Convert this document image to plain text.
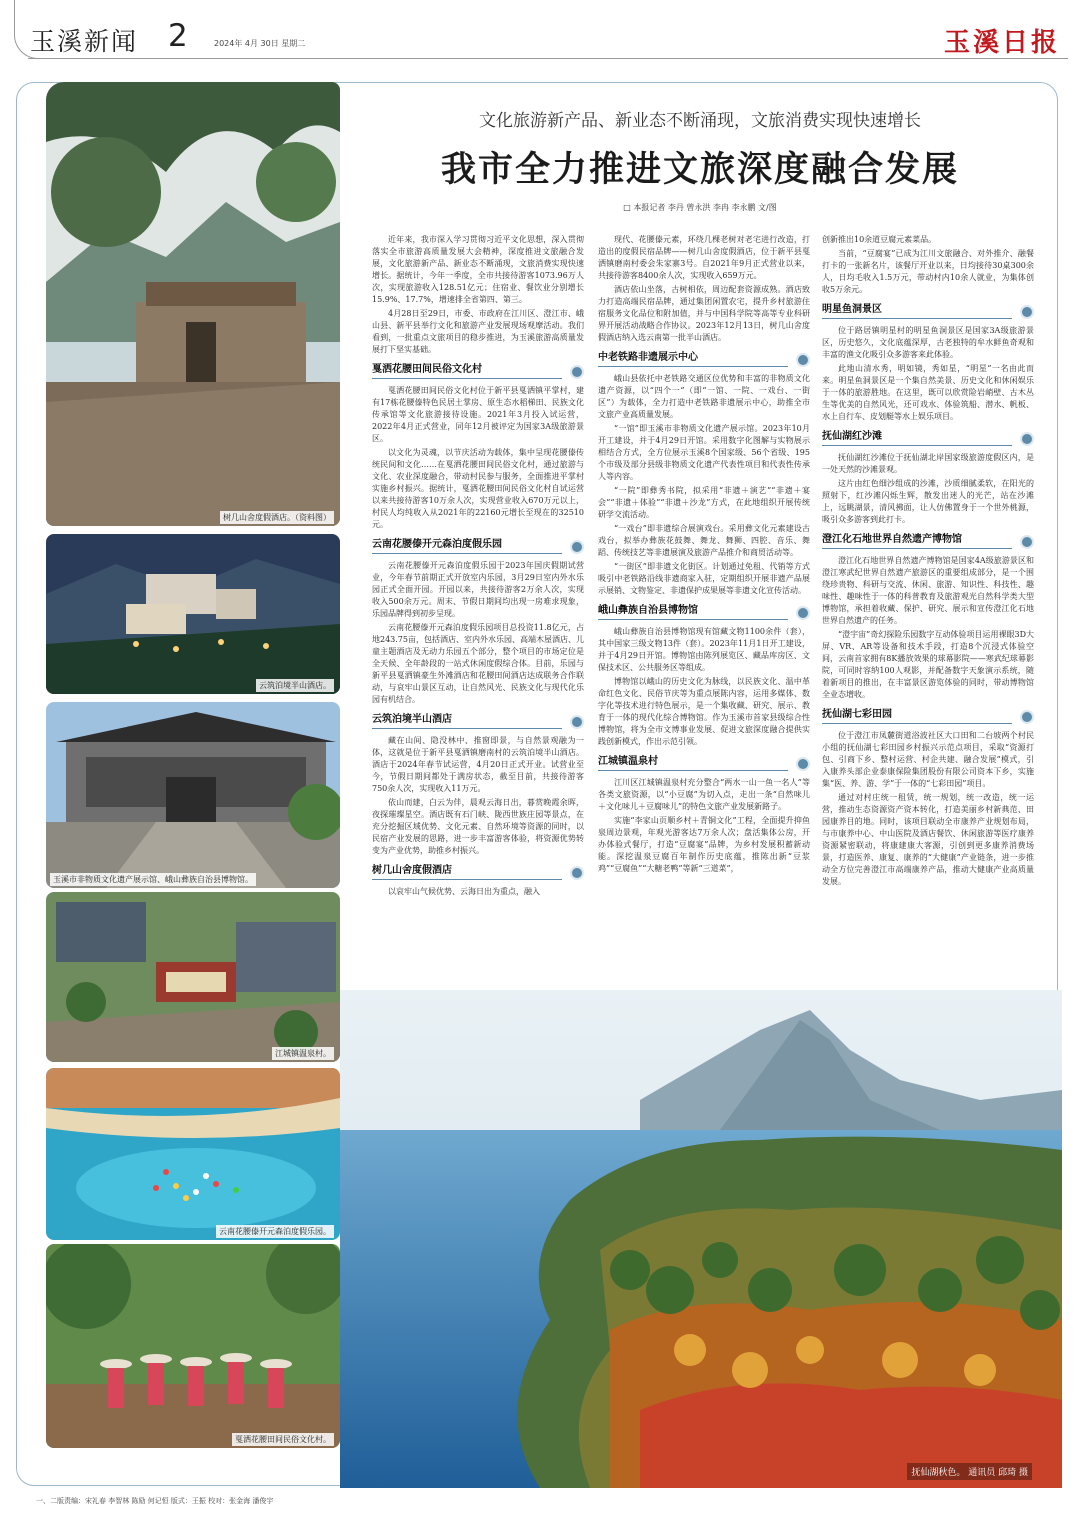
玉溪新闻 2	2024年 4月 30日 星期二	玉溪日报
树几山舍度假酒店。（资料图）
云筑泊境半山酒店。
玉溪市非物质文化遗产展示馆、峨山彝族自治县博物馆。
江城镇温泉村。
云南花腰傣开元森泊度假乐园。
戛洒花腰田间民俗文化村。
文化旅游新产品、新业态不断涌现，文旅消费实现快速增长
我市全力推进文旅深度融合发展
□ 本报记者 李丹 曾永洪 李冉 李永鹏 文/图

近年来，我市深入学习贯彻习近平文化思想，深入贯彻落实全市旅游高质量发展大会精神，深度推进文旅融合发展，文化旅游新产品、新业态不断涌现，文旅消费实现快速增长。据统计，今年一季度，全市共接待游客1073.96万人次，实现旅游收入128.51亿元；住宿业、餐饮业分别增长15.9%、17.7%，增速排全省第四、第三。

4月28日至29日，市委、市政府在江川区、澄江市、峨山县、新平县举行文化和旅游产业发展现场观摩活动。我们看到，一批重点文旅项目的稳步推进，为玉溪旅游高质量发展打下坚实基础。

戛洒花腰田间民俗文化村

戛洒花腰田间民俗文化村位于新平县戛洒镇平掌村，建有17栋花腰傣特色民居土掌房、原生态水稻梯田、民族文化传承馆等文化旅游接待设施。2021年3月投入试运营，2022年4月正式营业，同年12月被评定为国家3A级旅游景区。

以文化为灵魂，以节庆活动为载体，集中呈现花腰傣传统民间和文化……在戛洒花腰田间民俗文化村，通过旅游与文化、农业深度融合，带动村民参与服务，全面推进平掌村实施乡村振兴。据统计，戛洒花腰田间民俗文化村自试运营以来共接待游客10万余人次，实现营业收入670万元以上，村民人均纯收入从2021年的22160元增长至现在的32510元。

云南花腰傣开元森泊度假乐园

云南花腰傣开元森泊度假乐园于2023年国庆假期试营业，今年春节前期正式开放室内乐园，3月29日室内外水乐园正式全面开园。开园以来，共接待游客2万余人次，实现收入500余万元。周末、节假日期间均出现一房难求现象，乐园品牌得到初步呈现。

云南花腰傣开元森泊度假乐园项目总投资11.8亿元，占地243.75亩，包括酒店、室内外水乐园、高端木屋酒店、儿童主题酒店及无动力乐园五个部分，整个项目的市场定位是全天候、全年龄段的一站式休闲度假综合体。目前，乐园与新平县戛洒镇豪生外滩酒店和花腰田间酒店达成联务合作联动，与哀牢山景区互动，让自然风光、民族文化与现代化乐园有机结合。

云筑泊境半山酒店

藏在山间、隐没林中、推窗即景，与自然景观融为一体，这就是位于新平县戛洒镇磨南村的云筑泊境半山酒店。酒店于2024年春节试运营，4月20日正式开业。试营业至今，节假日期间都处于满房状态，截至目前，共接待游客750余人次，实现收入11万元。

依山而建，白云为伴，晨观云海日出，暮赏晚霞余晖，夜探璀璨星空。酒店既有石门峡、陇西世族庄园等景点，在充分挖掘区域优势、文化元素、自然环境等资源的同时，以民宿产业发展的思路，进一步丰富游客体验，将资源优势转变为产业优势，助推乡村振兴。

树几山舍度假酒店

以哀牢山气候优势、云海日出为重点，融入

现代、花腰傣元素，环绕几棵老树对老宅进行改造，打造出的度假民宿品牌——树几山舍度假酒店，位于新平县戛洒镇磨南村委会朱家寨3号。自2021年9月正式营业以来，共接待游客8400余人次，实现收入659万元。

酒店依山坐落，古树相依，周边配套资源成熟。酒店致力打造高端民宿品牌，通过集团闲置农宅，提升乡村旅游住宿服务文化品位和附加值，并与中国科学院等高等专业科研界开展活动战略合作协议。2023年12月13日，树几山舍度假酒店纳入选云南第一批半山酒店。

中老铁路非遗展示中心

峨山县依托中老铁路交通区位优势和丰富的非物质文化遗产资源，以“四个一”（即“一馆、一院、一戏台、一街区”）为载体，全力打造中老铁路非遗展示中心，助推全市文旅产业高质量发展。

“一馆”即玉溪市非物质文化遗产展示馆。2023年10月开工建设，并于4月29日开馆。采用数字化图解与实物展示相结合方式，全方位展示玉溪8个国家级、56个省级、195个市级及部分县级非物质文化遗产代表性项目和代表性传承人等内容。

“一院”即彝秀书院，拟采用“非遗＋演艺”“非遗＋宴会”“非遗＋体验”“非遗＋沙龙”方式，在此地组织开展传统研学交流活动。

“一戏台”即非遗综合展演戏台。采用彝文化元素建设古戏台，拟举办彝族花鼓舞、舞龙、舞狮、四腔、音乐、舞蹈、传统技艺等非遗展演及旅游产品推介和商贸活动等。

“一街区”即非遗文化街区。计划通过免租、代销等方式吸引中老铁路沿线非遗商家入驻，定期组织开展非遗产品展示展销、文物鉴定、非遗保护成果展等非遗文化宣传活动。

峨山彝族自治县博物馆

峨山彝族自治县博物馆现有馆藏文物1100余件（套），其中国家三级文物13件（套）。2023年11月1日开工建设，并于4月29日开馆。博物馆由陈列展览区、藏品库房区、文保技术区、公共服务区等组成。

博物馆以峨山的历史文化为脉线，以民族文化、温中革命红色文化、民俗节庆等为重点展陈内容，运用多媒体、数字化等技术进行特色展示，是一个集收藏、研究、展示、教育于一体的现代化综合博物馆。作为玉溪市首家县级综合性博物馆，将为全市文博事业发展、促进文旅深度融合提供实践创新模式，作出示范引领。

江城镇温泉村

江川区江城镇温泉村充分整合“两水一山一鱼一名人”等各类文旅资源，以“小豆腐”为切入点，走出一条“自然味儿＋文化味儿＋豆腐味儿”的特色文旅产业发展新路子。

实施“李家山页顺乡村＋青铜文化”工程，全面提升抑鱼泉周边景观，年观光游客达7万余人次；盘活集体公房，开办体验式餐厅，打造“豆腐宴”品牌，为乡村发展积蓄新动能。深挖温泉豆腐百年制作历史底蕴，推陈出新“豆浆鸡”“豆腐鱼”“大糖老鸭”等新“三道菜”，

创新推出10余道豆腐元素菜品。

当前，“豆腐宴”已成为江川文旅融合、对外推介、融餐打卡的一张新名片，该餐厅开业以来，日均接待30桌300余人，日均毛收入1.5万元，带动村内10余人就业，为集体创收5万余元。

明星鱼洞景区

位于路居镇明星村的明星鱼洞景区是国家3A级旅游景区，历史悠久，文化底蕴深厚，古老独特的牟水鲜鱼奇观和丰富的渔文化吸引众多游客来此体验。

此地山清水秀，明如镜，秀如星，“明星”一名由此而来。明星鱼洞景区是一个集自然美景、历史文化和休闲娱乐于一体的旅游胜地。在这里，既可以欣赏险岩峭壁、古木丛生等优美的自然风光，还可戏水、体验筑船、潜水、帆板、水上自行车、皮划艇等水上娱乐项目。

抚仙湖红沙滩

抚仙湖红沙滩位于抚仙湖北岸国家级旅游度假区内，是一处天然的沙滩景观。

这片由红色细沙组成的沙滩，沙质细腻柔软，在阳光的照射下，红沙滩闪烁生辉，散发出迷人的光芒，站在沙滩上，远眺湖景，清风拂面，让人仿佛置身于一个世外桃源，吸引众多游客到此打卡。

澄江化石地世界自然遗产博物馆

澄江化石地世界自然遗产博物馆是国家4A级旅游景区和澄江寒武纪世界自然遗产旅游区的重要组成部分，是一个围绕珍贵物、科研与交流、休闲、旅游、知识性、科技性、趣味性、趣味性于一体的科普教育及旅游观光自然科学类大型博物馆，承担着收藏、保护、研究、展示和宣传澄江化石地世界自然遗产的任务。

“澄宇宙”奇幻探险乐园数字互动体验项目运用裸眼3D大屏、VR、AR等设备和技术手段，打造8个沉浸式体验空间，云南首家拥有8K播放效果的球幕影院——寒武纪球幕影院，可同时容纳100人观影，并配备数字天象演示系统，随着新项目的推出，在丰富景区游览体验的同时，带动博物馆全业态增收。

抚仙湖七彩田园

位于澄江市凤麓街道浴波社区大口田和二台坡两个村民小组的抚仙湖七彩田园乡村振兴示范点项目，采取“资源打包、引商下乡、整村运营、村企共建、融合发展”模式，引入康养头部企业泰康保险集团股份有限公司资本下乡，实施集“医、养、游、学”于一体的“七彩田园”项目。

通过对村庄统一租赁，统一规划，统一改造，统一运营，推动生态资源资产资本转化，打造美丽乡村新典范、田园康养目的地。同时，该项目联动全市康养产业规划布局，与市康养中心、中山医院及酒店餐饮、休闲旅游等医疗康养资源紧密联动，将康建康大客源，引创到更多康养消费场景，打造医养、康复、康养的“大健康”产业链条，进一步推动全方位完善澄江市高端康养产品，推动大健康产业高质量发展。

抚仙湖秋色。 通讯员 邱琦 摄
一、二版责编：宋礼春 李智林 陈励 何记恒 版式：王振 校对：张金海 潘俊宇
